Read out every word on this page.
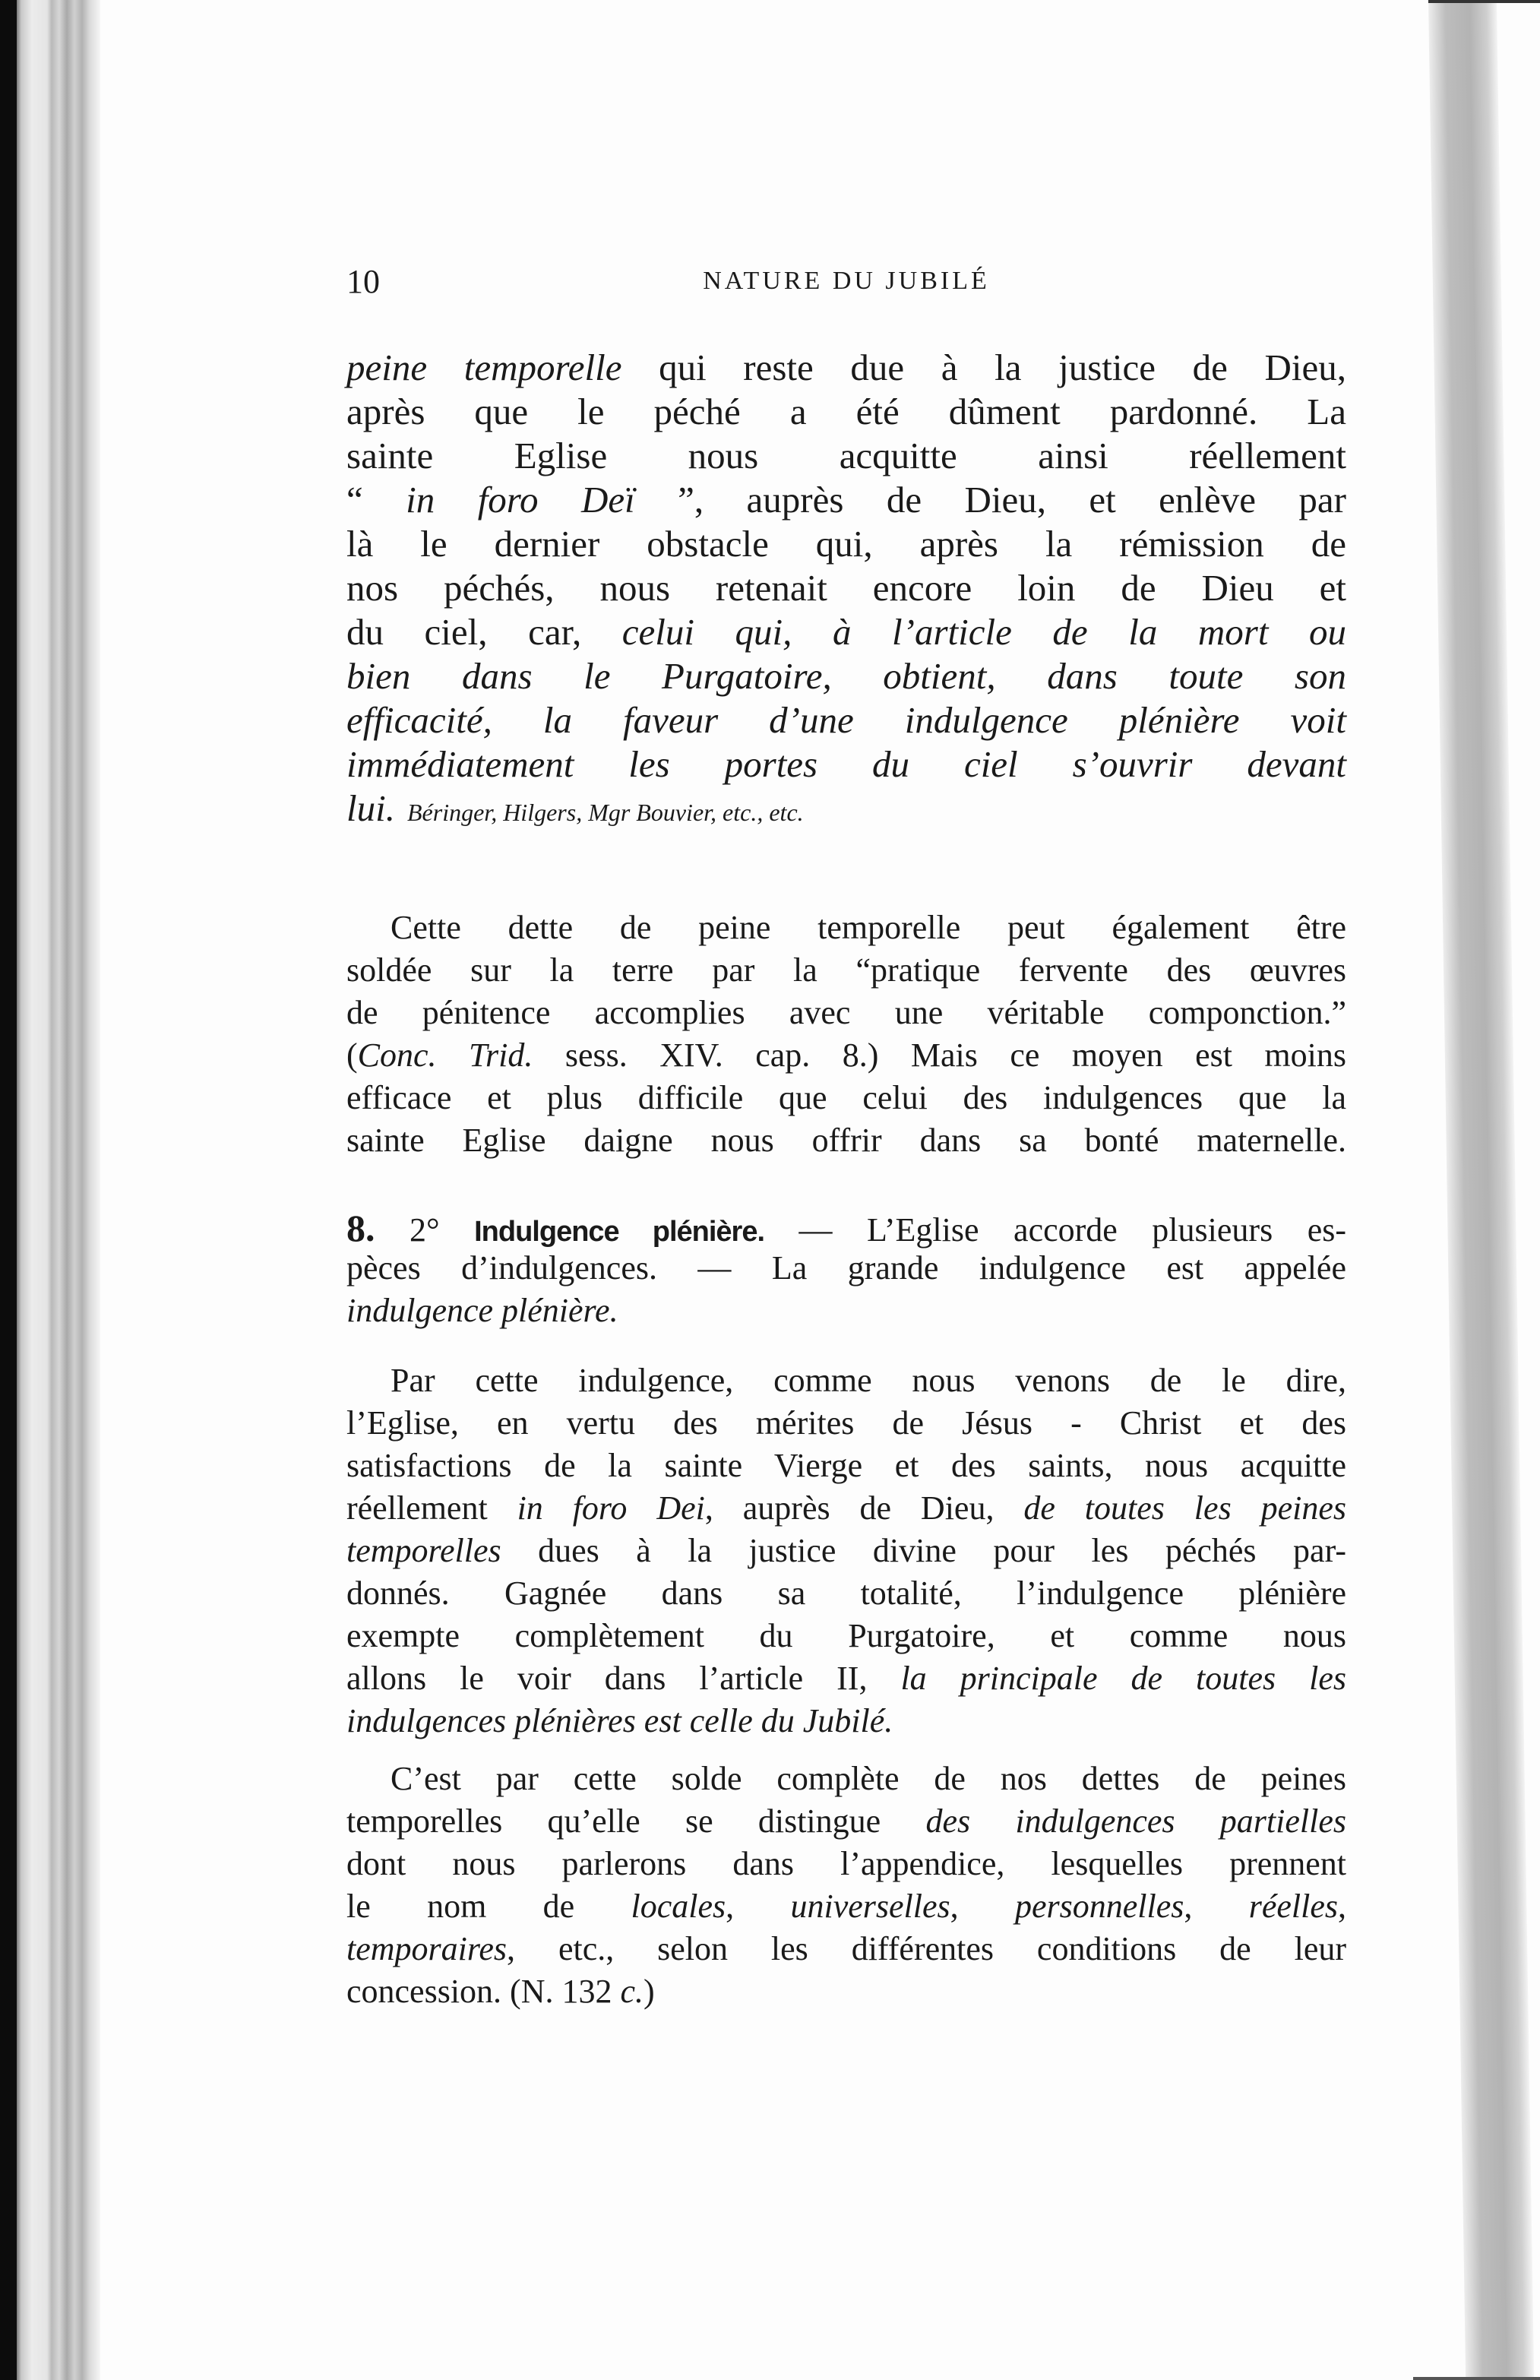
10	NATURE DU JUBILÉ
peine temporelle qui reste due à la justice de Dieu,
après que le péché a été dûment pardonné. La
sainte Eglise nous acquitte ainsi réellement
“ in foro Deï ”, auprès de Dieu, et enlève par
là le dernier obstacle qui, après la rémission de
nos péchés, nous retenait encore loin de Dieu et
du ciel, car, celui qui, à l’article de la mort ou
bien dans le Purgatoire, obtient, dans toute son
efficacité, la faveur d’une indulgence plénière voit
immédiatement les portes du ciel s’ouvrir devant
lui.  Béringer, Hilgers, Mgr Bouvier, etc., etc.
Cette dette de peine temporelle peut également être
soldée sur la terre par la “pratique fervente des œuvres
de pénitence accomplies avec une véritable componction.”
(Conc. Trid. sess. XIV. cap. 8.) Mais ce moyen est moins
efficace et plus difficile que celui des indulgences que la
sainte Eglise daigne nous offrir dans sa bonté maternelle.
8. 2° Indulgence plénière. — L’Eglise accorde plusieurs es-
pèces d’indulgences. — La grande indulgence est appelée
indulgence plénière.
Par cette indulgence, comme nous venons de le dire,
l’Eglise, en vertu des mérites de Jésus - Christ et des
satisfactions de la sainte Vierge et des saints, nous acquitte
réellement in foro Dei, auprès de Dieu, de toutes les peines
temporelles dues à la justice divine pour les péchés par-
donnés. Gagnée dans sa totalité, l’indulgence plénière
exempte complètement du Purgatoire, et comme nous
allons le voir dans l’article II, la principale de toutes les
indulgences plénières est celle du Jubilé.
C’est par cette solde complète de nos dettes de peines
temporelles qu’elle se distingue des indulgences partielles
dont nous parlerons dans l’appendice, lesquelles prennent
le nom de locales, universelles, personnelles, réelles,
temporaires, etc., selon les différentes conditions de leur
concession. (N. 132 c.)
